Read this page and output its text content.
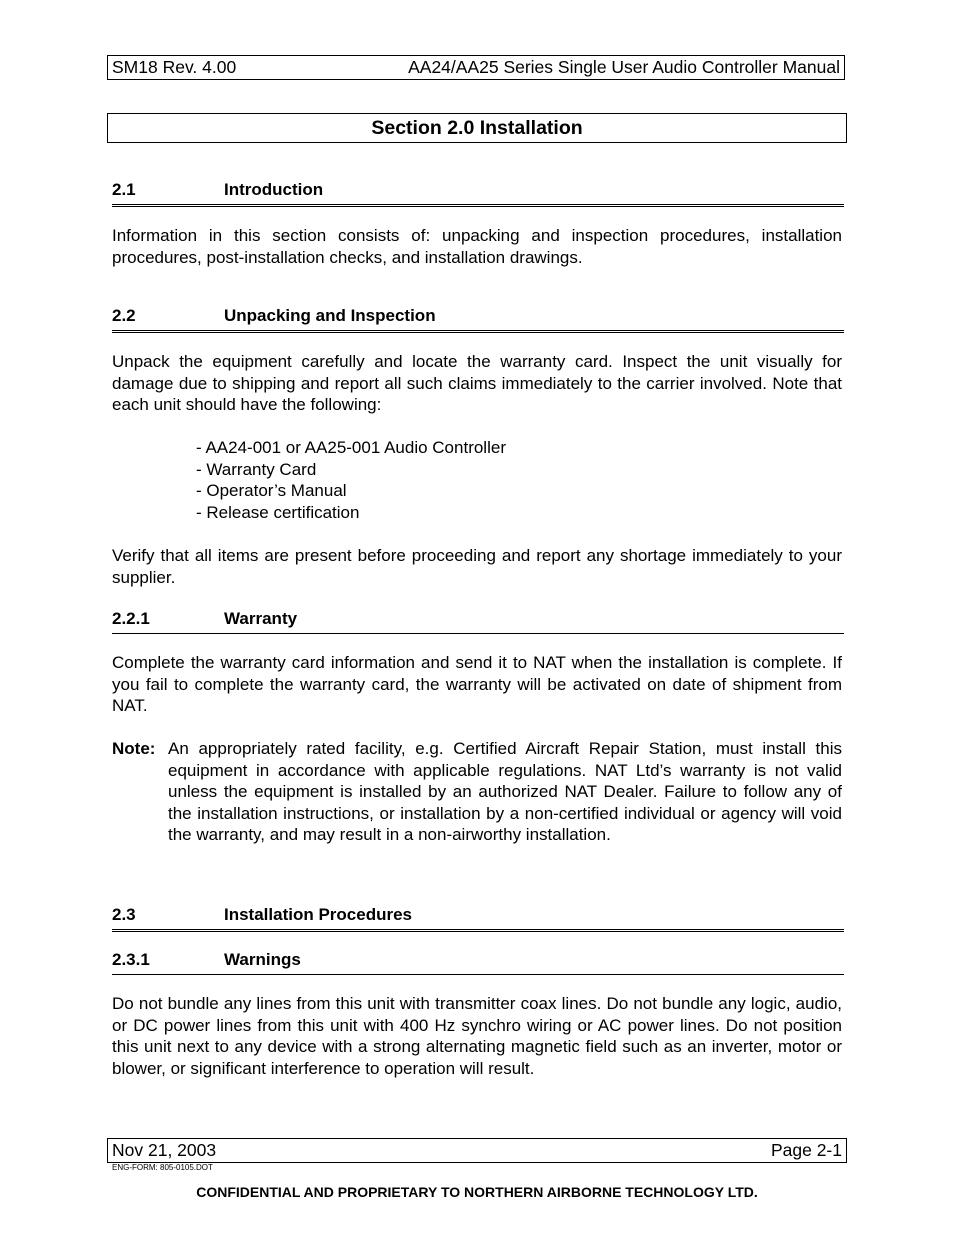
SM18 Rev. 4.00	AA24/AA25 Series Single User Audio Controller Manual
Section 2.0 Installation
2.1	Introduction

Information in this section consists of: unpacking and inspection procedures, installation procedures, post-installation checks, and installation drawings.

2.2	Unpacking and Inspection

Unpack the equipment carefully and locate the warranty card. Inspect the unit visually for damage due to shipping and report all such claims immediately to the carrier involved. Note that each unit should have the following:

- AA24-001 or AA25-001 Audio Controller
- Warranty Card
- Operator’s Manual
- Release certification

Verify that all items are present before proceeding and report any shortage immediately to your supplier.

2.2.1	Warranty

Complete the warranty card information and send it to NAT when the installation is complete. If you fail to complete the warranty card, the warranty will be activated on date of shipment from NAT.

Note: An appropriately rated facility, e.g. Certified Aircraft Repair Station, must install this equipment in accordance with applicable regulations. NAT Ltd’s warranty is not valid unless the equipment is installed by an authorized NAT Dealer. Failure to follow any of the installation instructions, or installation by a non-certified individual or agency will void the warranty, and may result in a non-airworthy installation.
2.3	Installation Procedures
2.3.1	Warnings

Do not bundle any lines from this unit with transmitter coax lines. Do not bundle any logic, audio, or DC power lines from this unit with 400 Hz synchro wiring or AC power lines. Do not position this unit next to any device with a strong alternating magnetic field such as an inverter, motor or blower, or significant interference to operation will result.

Nov 21, 2003	Page 2-1
ENG-FORM: 805-0105.DOT
CONFIDENTIAL AND PROPRIETARY TO NORTHERN AIRBORNE TECHNOLOGY LTD.
